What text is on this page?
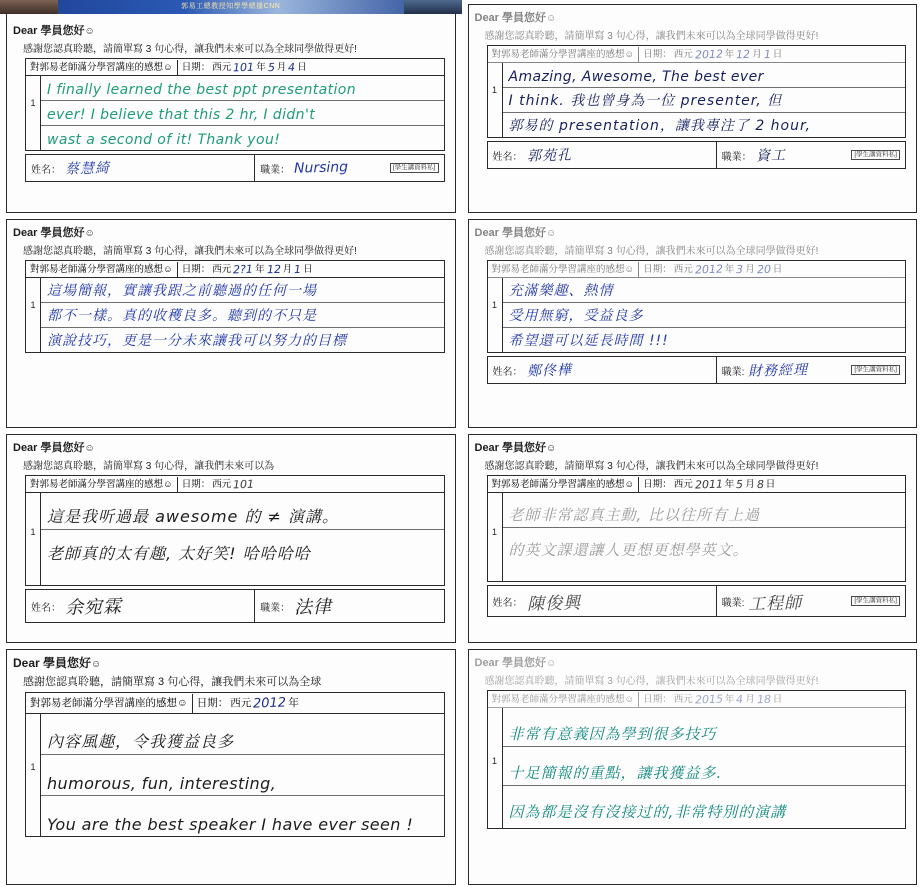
郭易工總教授知學學總播CNN
Dear 學員您好☺
感謝您認真聆聽，請簡單寫 3 句心得，讓我們未來可以為全球同學做得更好!
對郭易老師滿分學習講座的感想☺ 日期： 西元 101 年 5 月 4 日
1
I finally learned the best ppt presentation
ever! I believe that this 2 hr, I didn't
wast a second of it! Thank you!
姓名： 蔡慧綺	職業： Nursing	[學生講資料私]
Dear 學員您好☺
感謝您認真聆聽，請簡單寫 3 句心得，讓我們未來可以為全球同學做得更好!
對郭易老師滿分學習講座的感想☺ 日期： 西元 2012 年 12 月 1 日
1
Amazing, Awesome, The best ever
I think. 我也曾身為一位 presenter, 但
郭易的 presentation，讓我專注了 2 hour,
姓名： 郭苑孔	職業： 資工	[學生講資料私]
Dear 學員您好☺
感謝您認真聆聽，請簡單寫 3 句心得，讓我們未來可以為全球同學做得更好!
對郭易老師滿分學習講座的感想☺ 日期： 西元 2?1 年 12 月 1 日
1
這場簡報，實讓我跟之前聽過的任何一場
都不一樣。真的收穫良多。聽到的不只是
演說技巧，更是一分未來讓我可以努力的目標
Dear 學員您好☺
感謝您認真聆聽，請簡單寫 3 句心得，讓我們未來可以為全球同學做得更好!
對郭易老師滿分學習講座的感想☺ 日期： 西元 2012 年 3 月 20 日
1
充滿樂趣、熱情
受用無窮，受益良多
希望還可以延長時間 !!!
姓名： 鄭佟樺	職業: 財務經理	[學生講資料私]
Dear 學員您好☺
感謝您認真聆聽，請簡單寫 3 句心得，讓我們未來可以為
對郭易老師滿分學習講座的感想☺ 日期： 西元 101
1
這是我听過最 awesome 的 ≠ 演講。
老師真的太有趣, 太好笑! 哈哈哈哈
姓名： 余宛霖	職業： 法律
Dear 學員您好☺
感謝您認真聆聽，請簡單寫 3 句心得，讓我們未來可以為全球同學做得更好!
對郭易老師滿分學習講座的感想☺ 日期： 西元 2011 年 5 月 8 日
1
老師非常認真主動, 比以往所有上過
的英文課還讓人更想更想學英文。
姓名： 陳俊興	職業: 工程師	[學生講資料私]
Dear 學員您好☺
感謝您認真聆聽，請簡單寫 3 句心得，讓我們未來可以為全球
對郭易老師滿分學習講座的感想☺ 日期： 西元 2012 年
1
內容風趣，令我獲益良多
humorous, fun, interesting,
You are the best speaker I have ever seen !
Dear 學員您好☺
感謝您認真聆聽，請簡單寫 3 句心得，讓我們未來可以為全球同學做得更好!
對郭易老師滿分學習講座的感想☺ 日期： 西元 2015 年 4 月 18 日
1
非常有意義因為學到很多技巧
十足簡報的重點，讓我獲益多.
因為都是沒有沒接过的,非常特別的演講
